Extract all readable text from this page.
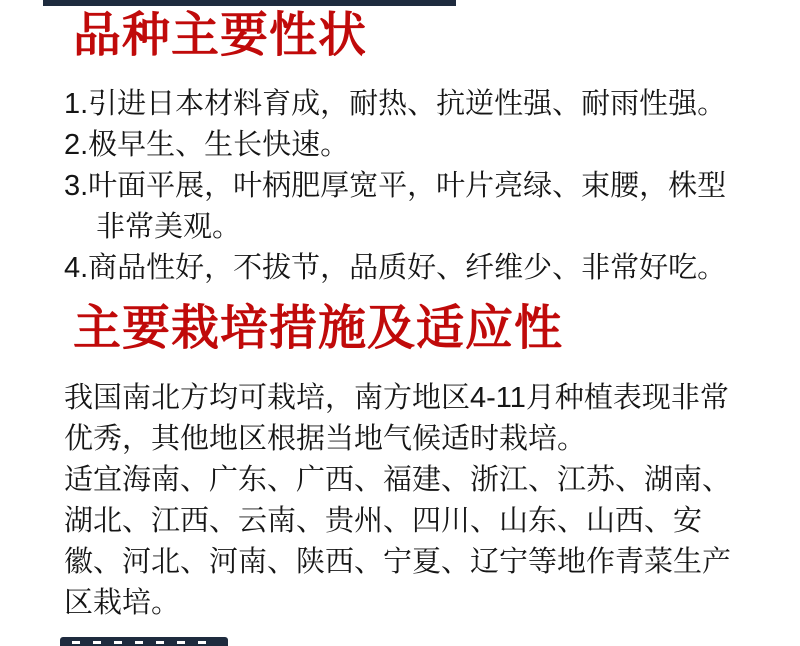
品种主要性状

1.引进日本材料育成，耐热、抗逆性强、耐雨性强。

2.极早生、生长快速。

3.叶面平展，叶柄肥厚宽平，叶片亮绿、束腰，株型非常美观。

4.商品性好，不拔节，品质好、纤维少、非常好吃。

主要栽培措施及适应性

我国南北方均可栽培，南方地区4-11月种植表现非常优秀，其他地区根据当地气候适时栽培。

适宜海南、广东、广西、福建、浙江、江苏、湖南、湖北、江西、云南、贵州、四川、山东、山西、安徽、河北、河南、陕西、宁夏、辽宁等地作青菜生产区栽培。
